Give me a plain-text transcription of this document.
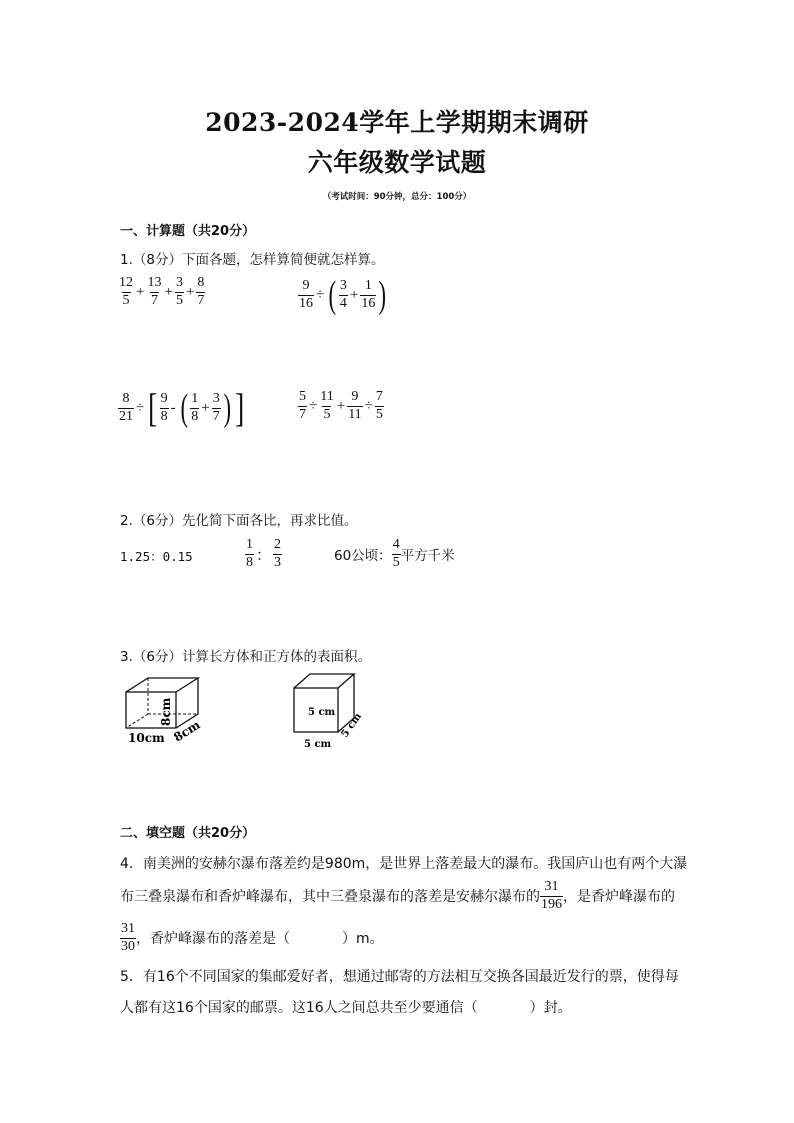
2023-2024学年上学期期末调研
六年级数学试题
（考试时间：90分钟，总分：100分）
一、计算题（共20分）
1.（8分）下面各题，怎样算简便就怎样算。
$\frac{12}{5} + \frac{13}{7} + \frac{3}{5} + \frac{8}{7}$	$\frac{9}{16}$ ÷ ( $\frac{3}{4} + \frac{1}{16}$ )
$\frac{8}{21}$ ÷ [ $\frac{9}{8}$ - ( $\frac{1}{8} + \frac{3}{7}$ ) ]	$\frac{5}{7} \div \frac{11}{5} + \frac{9}{11} \div \frac{7}{5}$
2.（6分）先化简下面各比，再求比值。
1.25：0.15	$\frac{1}{8}$ ： $\frac{2}{3}$	60公顷： $\frac{4}{5}$ 平方千米
3.（6分）计算长方体和正方体的表面积。
10cm 8cm
8cm	5 cm
5 cm
5 cm
二、填空题（共20分）
4．南美洲的安赫尔瀑布落差约是980m，是世界上落差最大的瀑布。我国庐山也有两个大瀑
布三叠泉瀑布和香炉峰瀑布，其中三叠泉瀑布的落差是安赫尔瀑布的 $\frac{31}{196}$ ，是香炉峰瀑布的
$\frac{31}{30}$ ，香炉峰瀑布的落差是（	）m。
5．有16个不同国家的集邮爱好者，想通过邮寄的方法相互交换各国最近发行的票，使得每
人都有这16个国家的邮票。这16人之间总共至少要通信（	）封。
